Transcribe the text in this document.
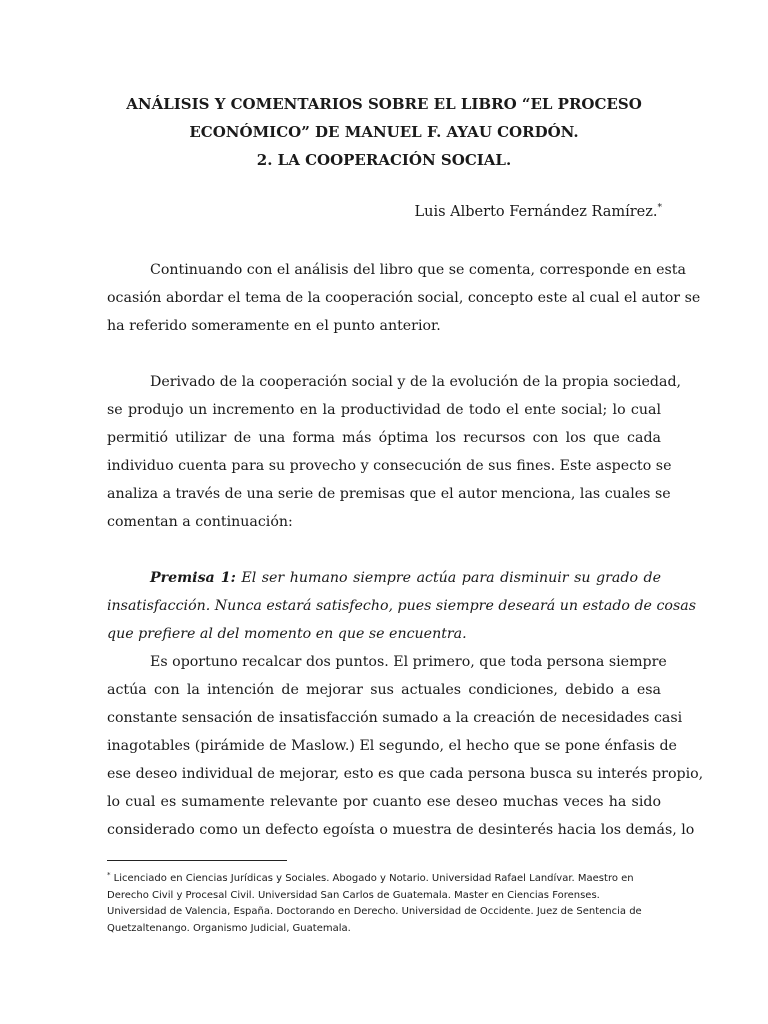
ANÁLISIS Y COMENTARIOS SOBRE EL LIBRO “EL PROCESO
ECONÓMICO” DE MANUEL F. AYAU CORDÓN.
2. LA COOPERACIÓN SOCIAL.
Luis Alberto Fernández Ramírez.*
Continuando con el análisis del libro que se comenta, corresponde en esta
ocasión abordar el tema de la cooperación social, concepto este al cual el autor se
ha referido someramente en el punto anterior.
Derivado de la cooperación social y de la evolución de la propia sociedad,
se produjo un incremento en la productividad de todo el ente social; lo cual
permitió utilizar de una forma más óptima los recursos con los que cada
individuo cuenta para su provecho y consecución de sus fines. Este aspecto se
analiza a través de una serie de premisas que el autor menciona, las cuales se
comentan a continuación:
Premisa 1: El ser humano siempre actúa para disminuir su grado de
insatisfacción. Nunca estará satisfecho, pues siempre deseará un estado de cosas
que prefiere al del momento en que se encuentra.
Es oportuno recalcar dos puntos. El primero, que toda persona siempre
actúa con la intención de mejorar sus actuales condiciones, debido a esa
constante sensación de insatisfacción sumado a la creación de necesidades casi
inagotables (pirámide de Maslow.) El segundo, el hecho que se pone énfasis de
ese deseo individual de mejorar, esto es que cada persona busca su interés propio,
lo cual es sumamente relevante por cuanto ese deseo muchas veces ha sido
considerado como un defecto egoísta o muestra de desinterés hacia los demás, lo
* Licenciado en Ciencias Jurídicas y Sociales. Abogado y Notario. Universidad Rafael Landívar. Maestro en
Derecho Civil y Procesal Civil. Universidad San Carlos de Guatemala. Master en Ciencias Forenses.
Universidad de Valencia, España. Doctorando en Derecho. Universidad de Occidente. Juez de Sentencia de
Quetzaltenango. Organismo Judicial, Guatemala.
